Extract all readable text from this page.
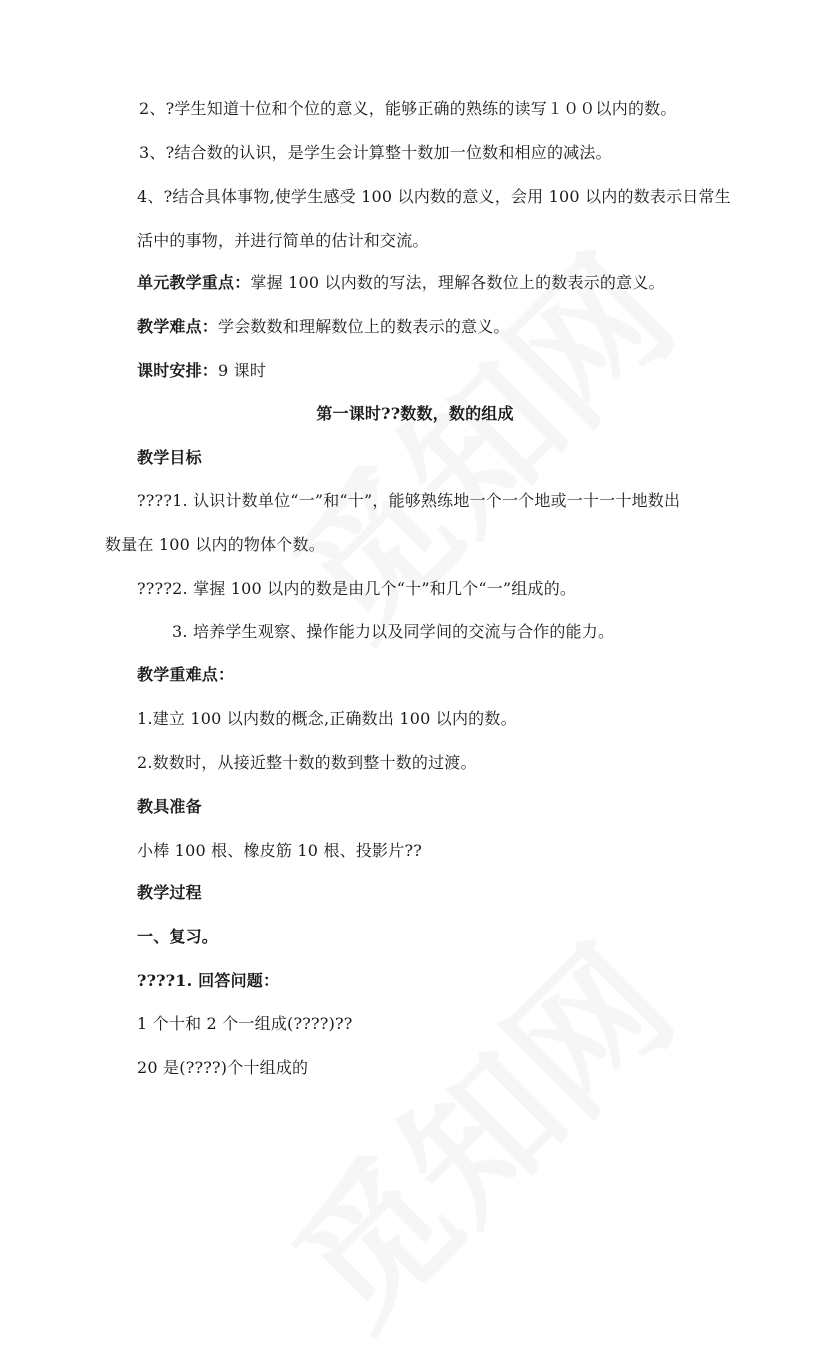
2、?学生知道十位和个位的意义，能够正确的熟练的读写１００以内的数。
3、?结合数的认识，是学生会计算整十数加一位数和相应的减法。
4、?结合具体事物,使学生感受 100 以内数的意义，会用 100 以内的数表示日常生
活中的事物，并进行简单的估计和交流。
单元教学重点：掌握 100 以内数的写法，理解各数位上的数表示的意义。
教学难点：学会数数和理解数位上的数表示的意义。
课时安排：9 课时
第一课时??数数，数的组成
教学目标
????1. 认识计数单位“一”和“十”，能够熟练地一个一个地或一十一十地数出
数量在 100 以内的物体个数。
????2. 掌握 100 以内的数是由几个“十”和几个“一”组成的。
3. 培养学生观察、操作能力以及同学间的交流与合作的能力。
教学重难点：
1.建立 100 以内数的概念,正确数出 100 以内的数。
2.数数时，从接近整十数的数到整十数的过渡。
教具准备
小棒 100 根、橡皮筋 10 根、投影片??
教学过程
一、复习。
????1. 回答问题：
1 个十和 2 个一组成(????)??
20 是(????)个十组成的
